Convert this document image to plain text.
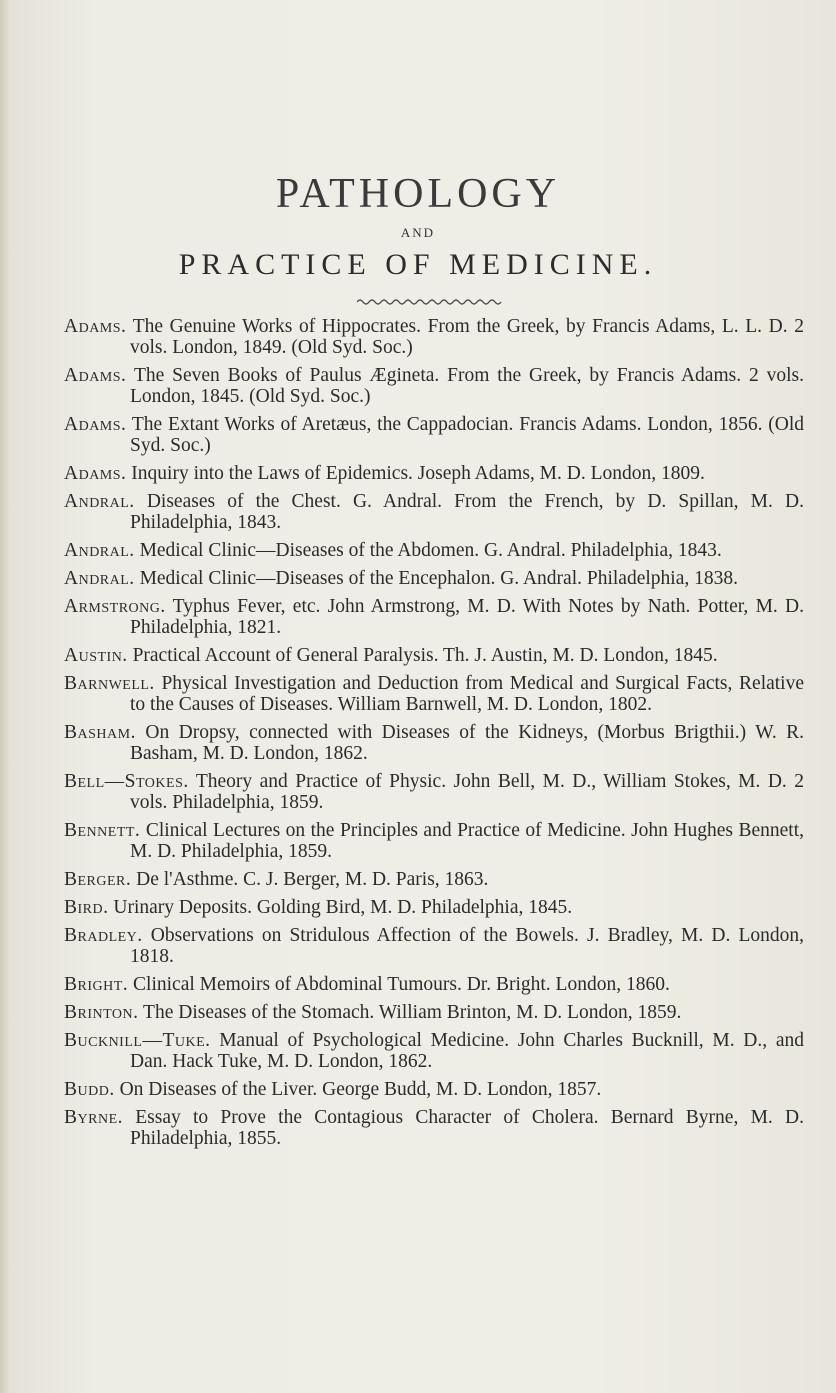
PATHOLOGY
AND
PRACTICE OF MEDICINE.

Adams. The Genuine Works of Hippocrates. From the Greek, by Francis Adams, L. L. D. 2 vols. London, 1849. (Old Syd. Soc.)

Adams. The Seven Books of Paulus Ægineta. From the Greek, by Francis Adams. 2 vols. London, 1845. (Old Syd. Soc.)

Adams. The Extant Works of Aretæus, the Cappadocian. Francis Adams. London, 1856. (Old Syd. Soc.)

Adams. Inquiry into the Laws of Epidemics. Joseph Adams, M. D. London, 1809.

Andral. Diseases of the Chest. G. Andral. From the French, by D. Spillan, M. D. Philadelphia, 1843.

Andral. Medical Clinic—Diseases of the Abdomen. G. Andral. Philadelphia, 1843.

Andral. Medical Clinic—Diseases of the Encephalon. G. Andral. Philadelphia, 1838.

Armstrong. Typhus Fever, etc. John Armstrong, M. D. With Notes by Nath. Potter, M. D. Philadelphia, 1821.

Austin. Practical Account of General Paralysis. Th. J. Austin, M. D. London, 1845.

Barnwell. Physical Investigation and Deduction from Medical and Surgical Facts, Relative to the Causes of Diseases. William Barnwell, M. D. London, 1802.

Basham. On Dropsy, connected with Diseases of the Kidneys, (Morbus Brigthii.) W. R. Basham, M. D. London, 1862.

Bell—Stokes. Theory and Practice of Physic. John Bell, M. D., William Stokes, M. D. 2 vols. Philadelphia, 1859.

Bennett. Clinical Lectures on the Principles and Practice of Medicine. John Hughes Bennett, M. D. Philadelphia, 1859.

Berger. De l'Asthme. C. J. Berger, M. D. Paris, 1863.

Bird. Urinary Deposits. Golding Bird, M. D. Philadelphia, 1845.

Bradley. Observations on Stridulous Affection of the Bowels. J. Bradley, M. D. London, 1818.

Bright. Clinical Memoirs of Abdominal Tumours. Dr. Bright. London, 1860.

Brinton. The Diseases of the Stomach. William Brinton, M. D. London, 1859.

Bucknill—Tuke. Manual of Psychological Medicine. John Charles Bucknill, M. D., and Dan. Hack Tuke, M. D. London, 1862.

Budd. On Diseases of the Liver. George Budd, M. D. London, 1857.

Byrne. Essay to Prove the Contagious Character of Cholera. Bernard Byrne, M. D. Philadelphia, 1855.
